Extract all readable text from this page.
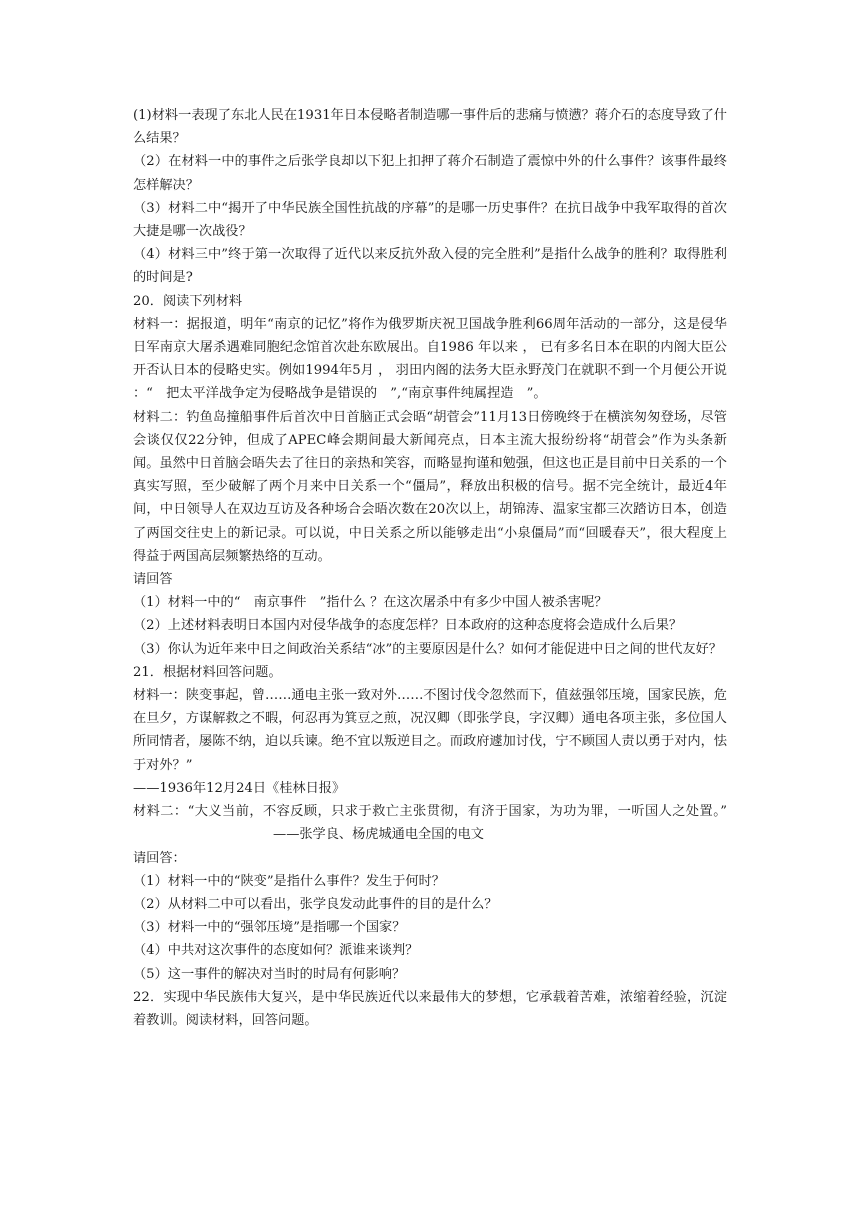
(1)材料一表现了东北人民在1931年日本侵略者制造哪一事件后的悲痛与愤懑？蒋介石的态度导致了什么结果？
（2）在材料一中的事件之后张学良却以下犯上扣押了蒋介石制造了震惊中外的什么事件？该事件最终怎样解决？
（3）材料二中“揭开了中华民族全国性抗战的序幕”的是哪一历史事件？在抗日战争中我军取得的首次大捷是哪一次战役？
（4）材料三中”终于第一次取得了近代以来反抗外敌入侵的完全胜利”是指什么战争的胜利？取得胜利的时间是?
20．阅读下列材料
材料一：据报道，明年“南京的记忆”将作为俄罗斯庆祝卫国战争胜利66周年活动的一部分，这是侵华日军南京大屠杀遇难同胞纪念馆首次赴东欧展出。自1986 年以来 ， 已有多名日本在职的内阁大臣公开否认日本的侵略史实。例如1994年5月 ， 羽田内阁的法务大臣永野茂门在就职不到一个月便公开说 ：“　把太平洋战争定为侵略战争是错误的　”,“南京事件纯属捏造　”。
材料二：钓鱼岛撞船事件后首次中日首脑正式会晤“胡菅会”11月13日傍晚终于在横滨匆匆登场，尽管会谈仅仅22分钟，但成了APEC峰会期间最大新闻亮点，日本主流大报纷纷将“胡菅会”作为头条新闻。虽然中日首脑会晤失去了往日的亲热和笑容，而略显拘谨和勉强，但这也正是目前中日关系的一个真实写照，至少破解了两个月来中日关系一个“僵局”，释放出积极的信号。据不完全统计，最近4年间，中日领导人在双边互访及各种场合会晤次数在20次以上，胡锦涛、温家宝都三次踏访日本，创造了两国交往史上的新记录。可以说，中日关系之所以能够走出“小泉僵局”而“回暖春天”，很大程度上得益于两国高层频繁热络的互动。
请回答
（1）材料一中的“　南京事件　”指什么 ？在这次屠杀中有多少中国人被杀害呢？
（2）上述材料表明日本国内对侵华战争的态度怎样？日本政府的这种态度将会造成什么后果？
（3）你认为近年来中日之间政治关系结“冰”的主要原因是什么？如何才能促进中日之间的世代友好？
21．根据材料回答问题。
材料一：陕变事起，曾……通电主张一致对外……不图讨伐令忽然而下，值兹强邻压境，国家民族，危在旦夕，方谋解救之不暇，何忍再为箕豆之煎，况汉卿（即张学良，字汉卿）通电各项主张，多位国人所同情者，屡陈不纳，迫以兵谏。绝不宜以叛逆目之。而政府遽加讨伐，宁不顾国人责以勇于对内，怯于对外？”
——1936年12月24日《桂林日报》
材料二：“大义当前，不容反顾，只求于救亡主张贯彻，有济于国家，为功为罪，一听国人之处置。”——张学良、杨虎城通电全国的电文
请回答：
（1）材料一中的“陕变”是指什么事件？发生于何时？
（2）从材料二中可以看出，张学良发动此事件的目的是什么？
（3）材料一中的“强邻压境”是指哪一个国家？
（4）中共对这次事件的态度如何？派谁来谈判？
（5）这一事件的解决对当时的时局有何影响？
22．实现中华民族伟大复兴，是中华民族近代以来最伟大的梦想，它承载着苦难，浓缩着经验，沉淀着教训。阅读材料，回答问题。
